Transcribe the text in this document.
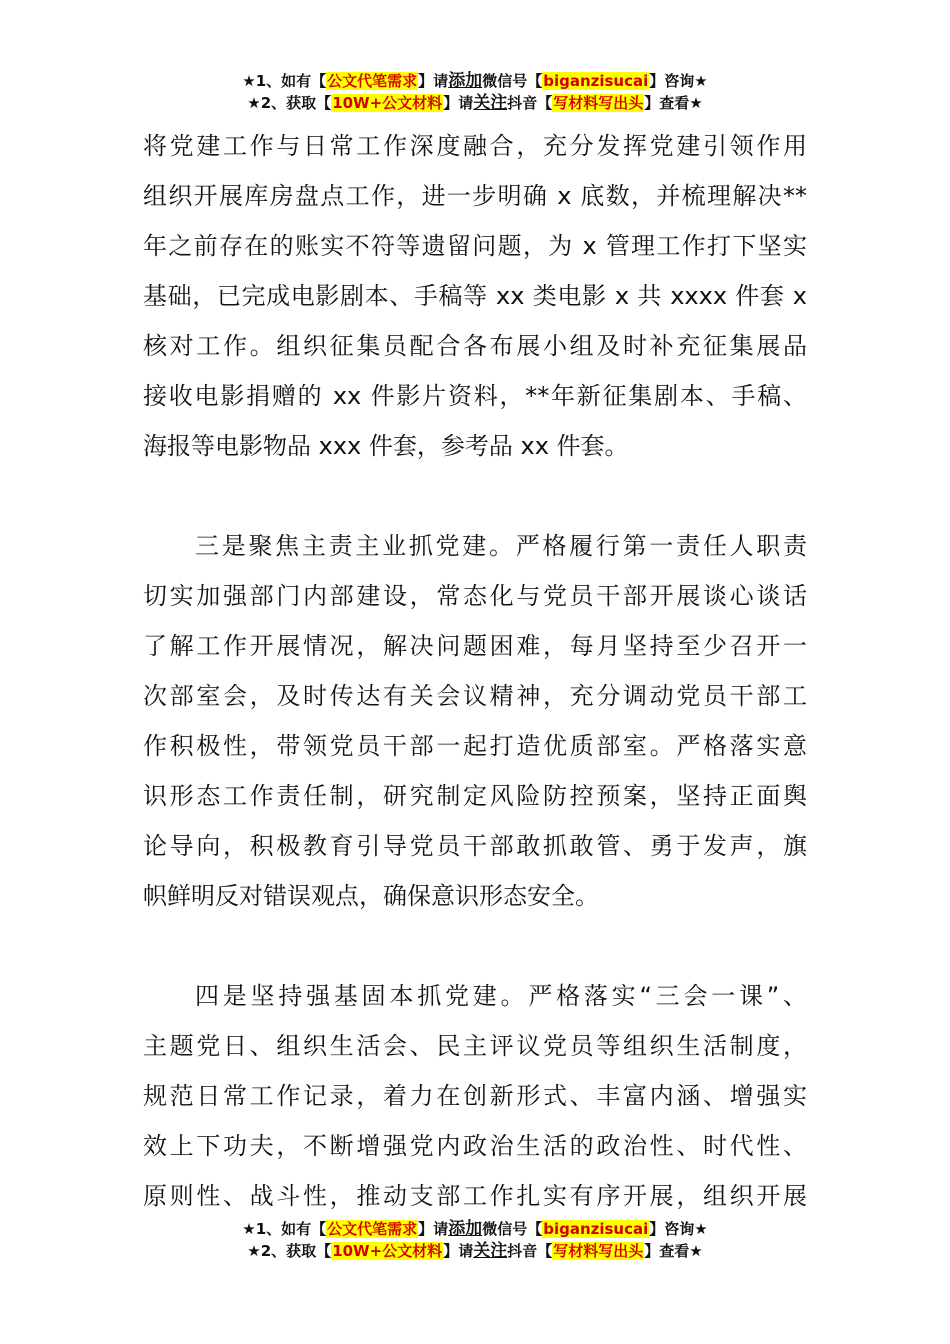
★1、如有【公文代笔需求】请添加微信号【biganzisucai】咨询★
★2、获取【10W+公文材料】请关注抖音【写材料写出头】查看★
将党建工作与日常工作深度融合，充分发挥党建引领作用
组织开展库房盘点工作，进一步明确 x 底数，并梳理解决**
年之前存在的账实不符等遗留问题，为 x 管理工作打下坚实
基础，已完成电影剧本、手稿等 xx 类电影 x 共 xxxx 件套 x
核对工作。组织征集员配合各布展小组及时补充征集展品
接收电影捐赠的 xx 件影片资料，**年新征集剧本、手稿、
海报等电影物品 xxx 件套，参考品 xx 件套。
三是聚焦主责主业抓党建。严格履行第一责任人职责
切实加强部门内部建设，常态化与党员干部开展谈心谈话
了解工作开展情况，解决问题困难，每月坚持至少召开一
次部室会，及时传达有关会议精神，充分调动党员干部工
作积极性，带领党员干部一起打造优质部室。严格落实意
识形态工作责任制，研究制定风险防控预案，坚持正面舆
论导向，积极教育引导党员干部敢抓敢管、勇于发声，旗
帜鲜明反对错误观点，确保意识形态安全。
四是坚持强基固本抓党建。严格落实“三会一课”、
主题党日、组织生活会、民主评议党员等组织生活制度，
规范日常工作记录，着力在创新形式、丰富内涵、增强实
效上下功夫，不断增强党内政治生活的政治性、时代性、
原则性、战斗性，推动支部工作扎实有序开展，组织开展
★1、如有【公文代笔需求】请添加微信号【biganzisucai】咨询★
★2、获取【10W+公文材料】请关注抖音【写材料写出头】查看★
